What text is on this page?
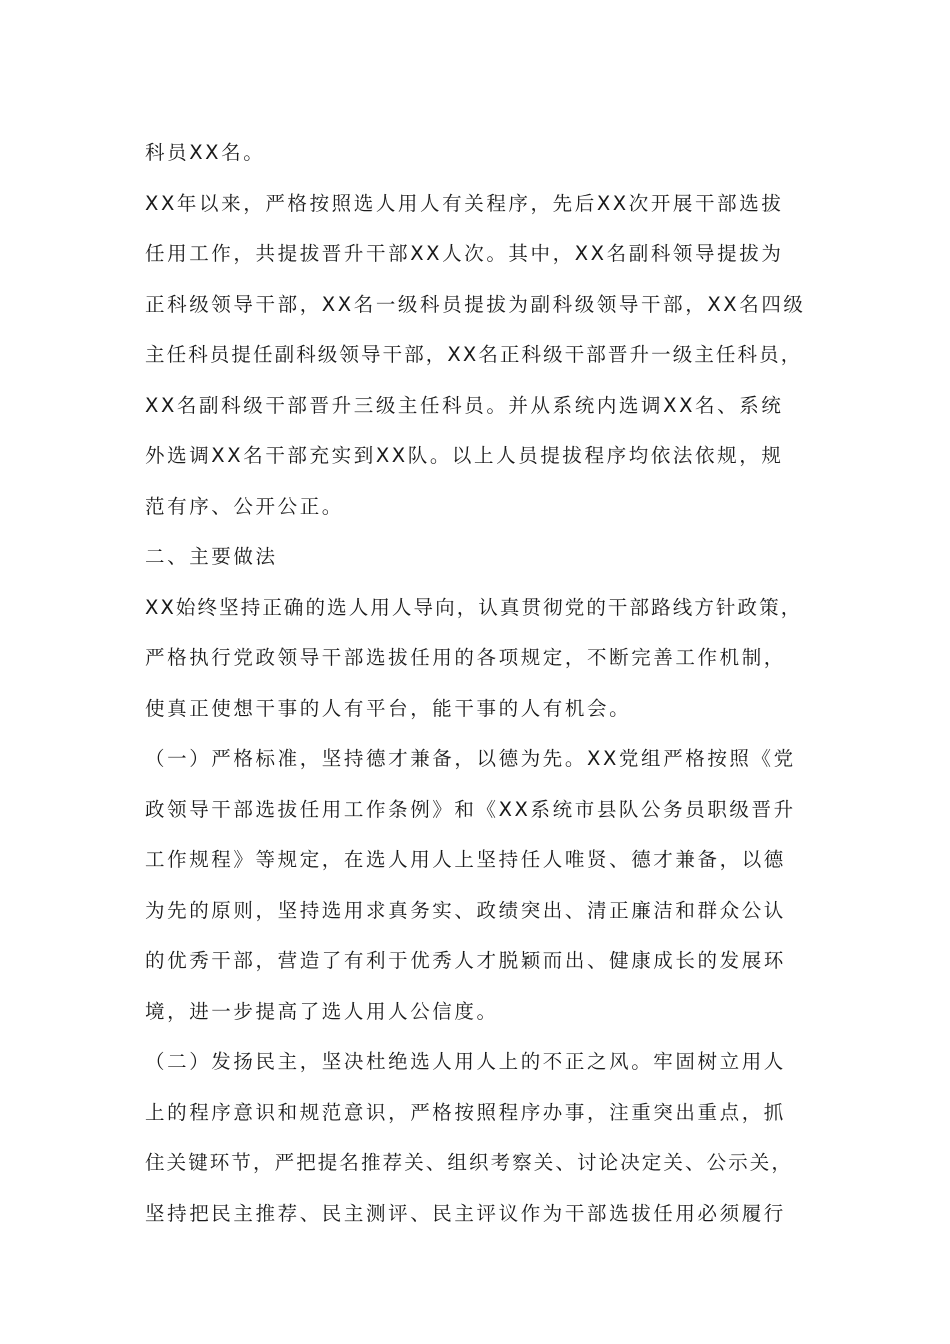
科员XX名。
XX年以来，严格按照选人用人有关程序，先后XX次开展干部选拔
任用工作，共提拔晋升干部XX人次。其中，XX名副科领导提拔为
正科级领导干部，XX名一级科员提拔为副科级领导干部，XX名四级
主任科员提任副科级领导干部，XX名正科级干部晋升一级主任科员，
XX名副科级干部晋升三级主任科员。并从系统内选调XX名、系统
外选调XX名干部充实到XX队。以上人员提拔程序均依法依规，规
范有序、公开公正。
二、主要做法
XX始终坚持正确的选人用人导向，认真贯彻党的干部路线方针政策，
严格执行党政领导干部选拔任用的各项规定，不断完善工作机制，
使真正使想干事的人有平台，能干事的人有机会。
（一）严格标准，坚持德才兼备，以德为先。XX党组严格按照《党
政领导干部选拔任用工作条例》和《XX系统市县队公务员职级晋升
工作规程》等规定，在选人用人上坚持任人唯贤、德才兼备，以德
为先的原则，坚持选用求真务实、政绩突出、清正廉洁和群众公认
的优秀干部，营造了有利于优秀人才脱颖而出、健康成长的发展环
境，进一步提高了选人用人公信度。
（二）发扬民主，坚决杜绝选人用人上的不正之风。牢固树立用人
上的程序意识和规范意识，严格按照程序办事，注重突出重点，抓
住关键环节，严把提名推荐关、组织考察关、讨论决定关、公示关，
坚持把民主推荐、民主测评、民主评议作为干部选拔任用必须履行
